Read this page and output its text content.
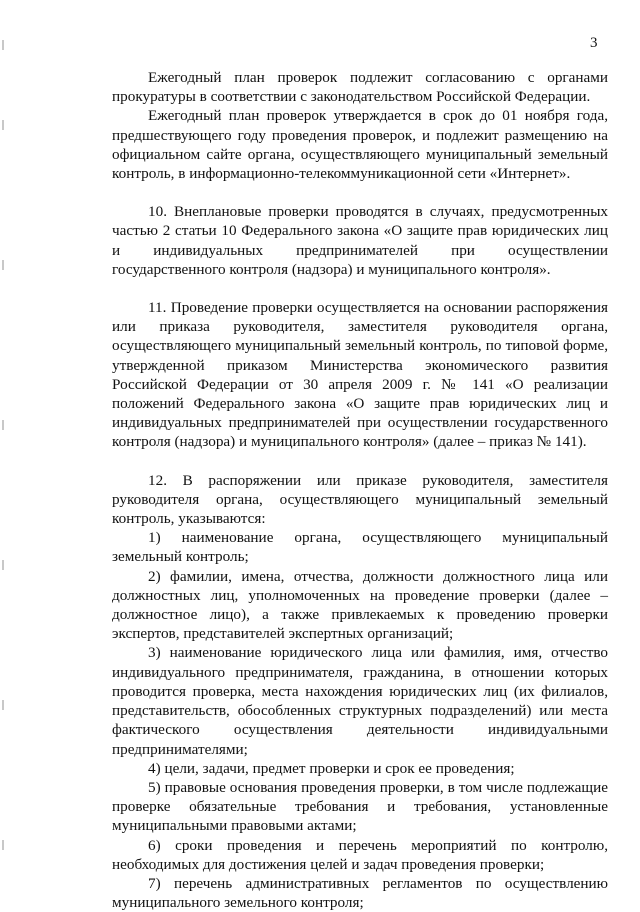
3

Ежегодный план проверок подлежит согласованию с органами прокуратуры в соответствии с законодательством Российской Федерации.

Ежегодный план проверок утверждается в срок до 01 ноября года, предшествующего году проведения проверок, и подлежит размещению на официальном сайте органа, осуществляющего муниципальный земельный контроль, в информационно-телекоммуникационной сети «Интернет».

10. Внеплановые проверки проводятся в случаях, предусмотренных частью 2 статьи 10 Федерального закона «О защите прав юридических лиц и индивидуальных предпринимателей при осуществлении государственного контроля (надзора) и муниципального контроля».

11. Проведение проверки осуществляется на основании распоряжения или приказа руководителя, заместителя руководителя органа, осуществляющего муниципальный земельный контроль, по типовой форме, утвержденной приказом Министерства экономического развития Российской Федерации от 30 апреля 2009 г. № 141 «О реализации положений Федерального закона «О защите прав юридических лиц и индивидуальных предпринимателей при осуществлении государственного контроля (надзора) и муниципального контроля» (далее – приказ № 141).

12. В распоряжении или приказе руководителя, заместителя руководителя органа, осуществляющего муниципальный земельный контроль, указываются:

1) наименование органа, осуществляющего муниципальный земельный контроль;

2) фамилии, имена, отчества, должности должностного лица или должностных лиц, уполномоченных на проведение проверки (далее – должностное лицо), а также привлекаемых к проведению проверки экспертов, представителей экспертных организаций;

3) наименование юридического лица или фамилия, имя, отчество индивидуального предпринимателя, гражданина, в отношении которых проводится проверка, места нахождения юридических лиц (их филиалов, представительств, обособленных структурных подразделений) или места фактического осуществления деятельности индивидуальными предпринимателями;

4) цели, задачи, предмет проверки и срок ее проведения;

5) правовые основания проведения проверки, в том числе подлежащие проверке обязательные требования и требования, установленные муниципальными правовыми актами;

6) сроки проведения и перечень мероприятий по контролю, необходимых для достижения целей и задач проведения проверки;

7) перечень административных регламентов по осуществлению муниципального земельного контроля;
